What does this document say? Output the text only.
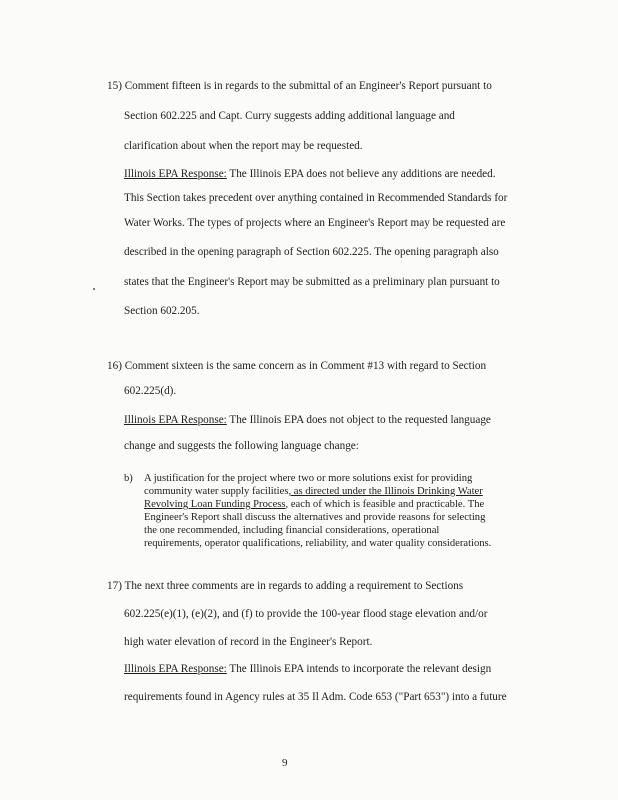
15) Comment fifteen is in regards to the submittal of an Engineer's Report pursuant to
Section 602.225 and Capt. Curry suggests adding additional language and
clarification about when the report may be requested.
Illinois EPA Response: The Illinois EPA does not believe any additions are needed.
This Section takes precedent over anything contained in Recommended Standards for
Water Works. The types of projects where an Engineer's Report may be requested are
described in the opening paragraph of Section 602.225. The opening paragraph also
states that the Engineer's Report may be submitted as a preliminary plan pursuant to
Section 602.205.
16) Comment sixteen is the same concern as in Comment #13 with regard to Section
602.225(d).
Illinois EPA Response: The Illinois EPA does not object to the requested language
change and suggests the following language change:
b) A justification for the project where two or more solutions exist for providing
community water supply facilities, as directed under the Illinois Drinking Water
Revolving Loan Funding Process, each of which is feasible and practicable. The
Engineer's Report shall discuss the alternatives and provide reasons for selecting
the one recommended, including financial considerations, operational
requirements, operator qualifications, reliability, and water quality considerations.
17) The next three comments are in regards to adding a requirement to Sections
602.225(e)(1), (e)(2), and (f) to provide the 100-year flood stage elevation and/or
high water elevation of record in the Engineer's Report.
Illinois EPA Response: The Illinois EPA intends to incorporate the relevant design
requirements found in Agency rules at 35 Il Adm. Code 653 ("Part 653") into a future
9
